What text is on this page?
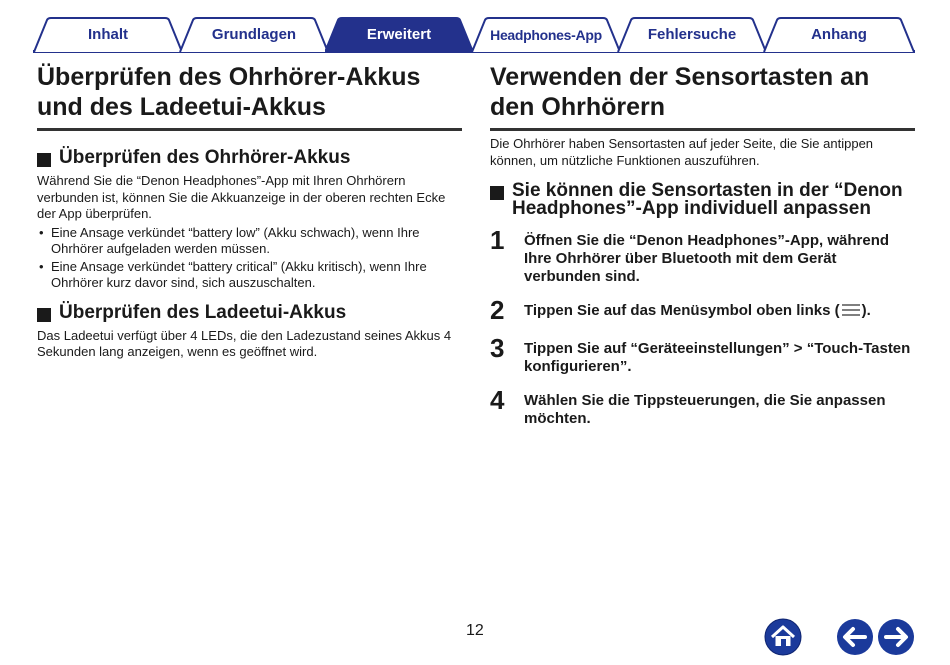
Inhalt	Grundlagen	Erweitert	Headphones-App	Fehlersuche	Anhang
Überprüfen des Ohrhörer-Akkus
und des Ladeetui-Akkus
Überprüfen des Ohrhörer-Akkus

Während Sie die “Denon Headphones”-App mit Ihren Ohrhörern verbunden ist, können Sie die Akkuanzeige in der oberen rechten Ecke der App überprüfen.

• Eine Ansage verkündet “battery low” (Akku schwach), wenn Ihre Ohrhörer aufgeladen werden müssen.
• Eine Ansage verkündet “battery critical” (Akku kritisch), wenn Ihre Ohrhörer kurz davor sind, sich auszuschalten.
Überprüfen des Ladeetui-Akkus

Das Ladeetui verfügt über 4 LEDs, die den Ladezustand seines Akkus 4 Sekunden lang anzeigen, wenn es geöffnet wird.

Verwenden der Sensortasten an
den Ohrhörern

Die Ohrhörer haben Sensortasten auf jeder Seite, die Sie antippen können, um nützliche Funktionen auszuführen.

Sie können die Sensortasten in der “Denon
Headphones”-App individuell anpassen
1	Öffnen Sie die “Denon Headphones”-App, während Ihre Ohrhörer über Bluetooth mit dem Gerät verbunden sind.
2	Tippen Sie auf das Menüsymbol oben links ( ).
3	Tippen Sie auf “Geräteeinstellungen” > “Touch-Tasten konfigurieren”.
4	Wählen Sie die Tippsteuerungen, die Sie anpassen möchten.
12
